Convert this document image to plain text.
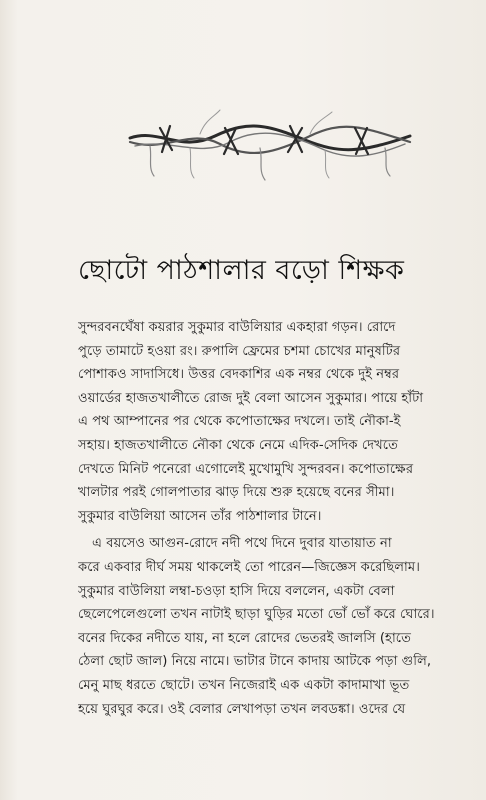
ছোটো পাঠশালার বড়ো শিক্ষক
সুন্দরবনঘেঁষা কয়রার সুকুমার বাউলিয়ার একহারা গড়ন। রোদে
পুড়ে তামাটে হওয়া রং। রুপালি ফ্রেমের চশমা চোখের মানুষটির
পোশাকও সাদাসিধে। উত্তর বেদকাশির এক নম্বর থেকে দুই নম্বর
ওয়ার্ডের হাজতখালীতে রোজ দুই বেলা আসেন সুকুমার। পায়ে হাঁটা
এ পথ আম্পানের পর থেকে কপোতাক্ষের দখলে। তাই নৌকা-ই
সহায়। হাজতখালীতে নৌকা থেকে নেমে এদিক-সেদিক দেখতে
দেখতে মিনিট পনেরো এগোলেই মুখোমুখি সুন্দরবন। কপোতাক্ষের
খালটার পরই গোলপাতার ঝাড় দিয়ে শুরু হয়েছে বনের সীমা।
সুকুমার বাউলিয়া আসেন তাঁর পাঠশালার টানে।
এ বয়সেও আগুন-রোদে নদী পথে দিনে দুবার যাতায়াত না
করে একবার দীর্ঘ সময় থাকলেই তো পারেন—জিজ্ঞেস করেছিলাম।
সুকুমার বাউলিয়া লম্বা-চওড়া হাসি দিয়ে বললেন, একটা বেলা
ছেলেপেলেগুলো তখন নাটাই ছাড়া ঘুড়ির মতো ভোঁ ভোঁ করে ঘোরে।
বনের দিকের নদীতে যায়, না হলে রোদের ভেতরই জালসি (হাতে
ঠেলা ছোট জাল) নিয়ে নামে। ভাটার টানে কাদায় আটকে পড়া গুলি,
মেনু মাছ ধরতে ছোটে। তখন নিজেরাই এক একটা কাদামাখা ভূত
হয়ে ঘুরঘুর করে। ওই বেলার লেখাপড়া তখন লবডঙ্কা। ওদের যে
